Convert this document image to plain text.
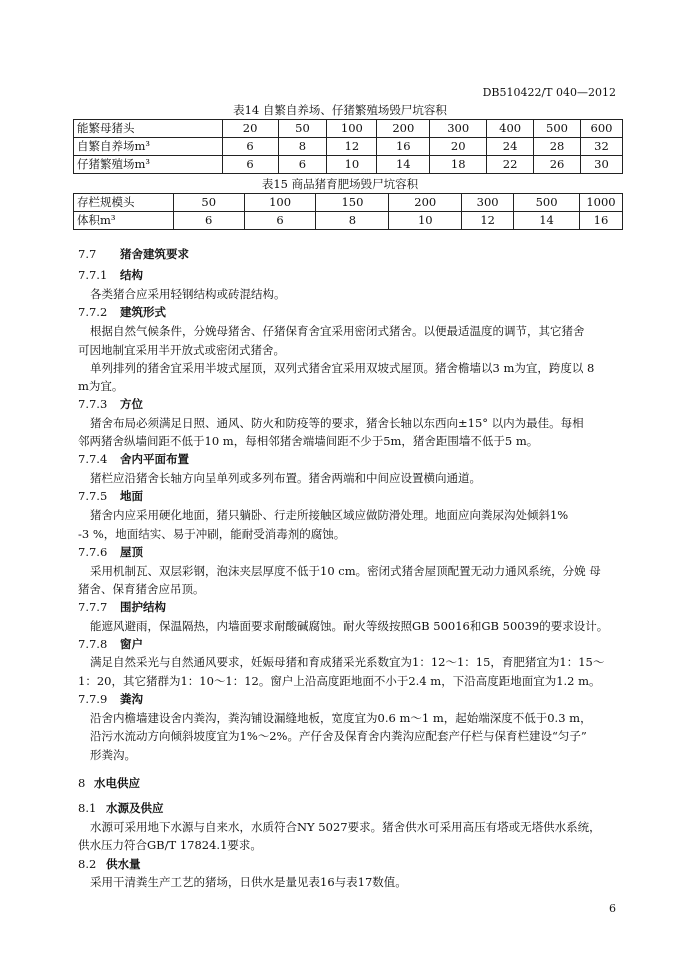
DB510422/T 040—2012
表14 自繁自养场、仔猪繁殖场毁尸坑容积
能繁母猪头	20	50	100	200	300	400	500	600
自繁自养场m³	6	8	12	16	20	24	28	32
仔猪繁殖场m³	6	6	10	14	18	22	26	30
表15 商品猪育肥场毁尸坑容积
存栏规模头	50	100	150	200	300	500	1000
体积m³	6	6	8	10	12	14	16
7.7 猪舍建筑要求
7.7.1 结构
各类猪合应采用轻钢结构或砖混结构。
7.7.2 建筑形式
根据自然气候条件，分娩母猪舍、仔猪保育舍宜采用密闭式猪舍。以便最适温度的调节，其它猪舍
可因地制宜采用半开放式或密闭式猪舍。
单列排列的猪舍宜采用半坡式屋顶，双列式猪舍宜采用双坡式屋顶。猪舍檐墙以3 m为宜，跨度以 8
m为宜。
7.7.3 方位
猪舍布局必须满足日照、通风、防火和防疫等的要求，猪舍长轴以东西向±15° 以内为最佳。每相
邻两猪舍纵墙间距不低于10 m，每相邻猪舍端墙间距不少于5m，猪舍距围墙不低于5 m。
7.7.4 舍内平面布置
猪栏应沿猪舍长轴方向呈单列或多列布置。猪舍两端和中间应设置横向通道。
7.7.5 地面
猪舍内应采用硬化地面，猪只躺卧、行走所接触区域应做防滑处理。地面应向粪尿沟处倾斜1%
-3 %，地面结实、易于冲刷，能耐受消毒剂的腐蚀。
7.7.6 屋顶
采用机制瓦、双层彩钢，泡沫夹层厚度不低于10 cm。密闭式猪舍屋顶配置无动力通风系统，分娩 母
猪舍、保育猪舍应吊顶。
7.7.7 围护结构
能遮风避雨，保温隔热，内墙面要求耐酸碱腐蚀。耐火等级按照GB 50016和GB 50039的要求设计。
7.7.8 窗户
满足自然采光与自然通风要求，妊娠母猪和育成猪采光系数宜为1：12～1：15，育肥猪宜为1：15～
1：20，其它猪群为1：10～1：12。窗户上沿高度距地面不小于2.4 m，下沿高度距地面宜为1.2 m。
7.7.9 粪沟
沿舍内檐墙建设舍内粪沟，粪沟铺设漏缝地板，宽度宜为0.6 m～1 m，起始端深度不低于0.3 m，
沿污水流动方向倾斜坡度宜为1%～2%。产仔舍及保育舍内粪沟应配套产仔栏与保育栏建设“匀子”
形粪沟。
8 水电供应
8.1 水源及供应
水源可采用地下水源与自来水，水质符合NY 5027要求。猪舍供水可采用高压有塔或无塔供水系统，
供水压力符合GB/T 17824.1要求。
8.2 供水量
采用干清粪生产工艺的猪场，日供水是量见表16与表17数值。
6
